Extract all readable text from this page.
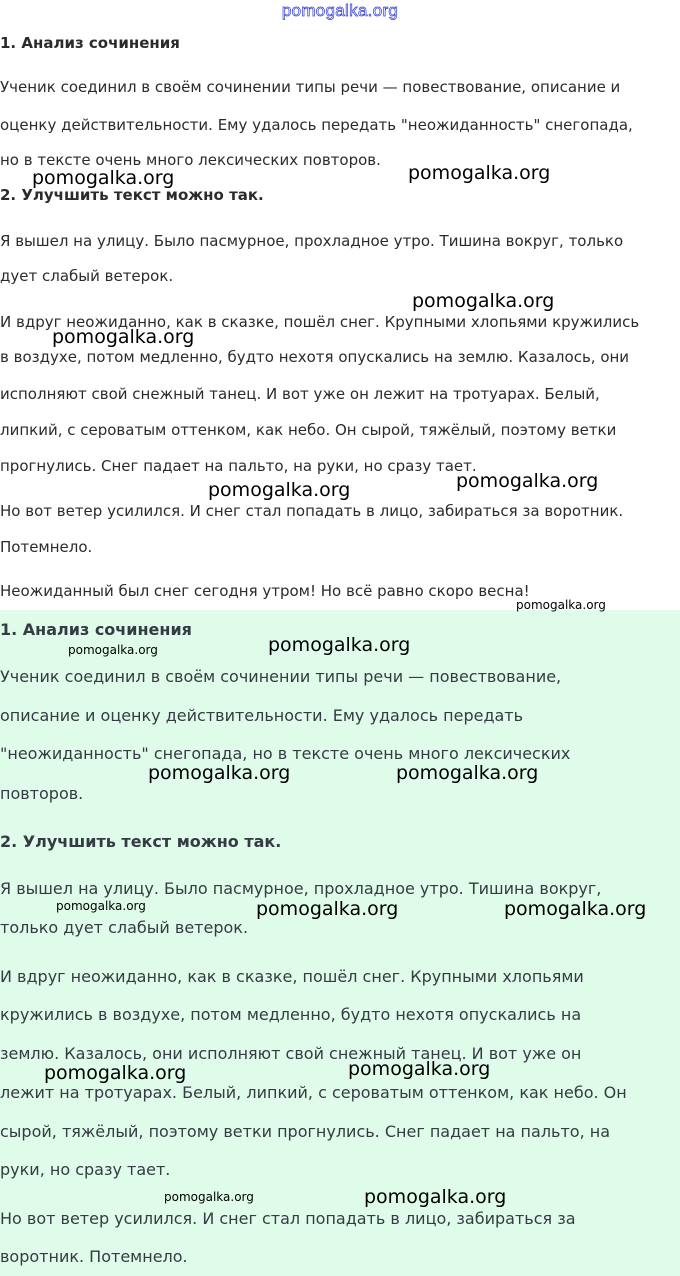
1. Анализ сочинения

Ученик соединил в своём сочинении типы речи — повествование, описание и

оценку действительности. Ему удалось передать "неожиданность" снегопада,

но в тексте очень много лексических повторов.

2. Улучшить текст можно так.

Я вышел на улицу. Было пасмурное, прохладное утро. Тишина вокруг, только

дует слабый ветерок.

И вдруг неожиданно, как в сказке, пошёл снег. Крупными хлопьями кружились

в воздухе, потом медленно, будто нехотя опускались на землю. Казалось, они

исполняют свой снежный танец. И вот уже он лежит на тротуарах. Белый,

липкий, с сероватым оттенком, как небо. Он сырой, тяжёлый, поэтому ветки

прогнулись. Снег падает на пальто, на руки, но сразу тает.

Но вот ветер усилился. И снег стал попадать в лицо, забираться за воротник.

Потемнело.

Неожиданный был снег сегодня утром! Но всё равно скоро весна!

1. Анализ сочинения

Ученик соединил в своём сочинении типы речи — повествование,

описание и оценку действительности. Ему удалось передать

"неожиданность" снегопада, но в тексте очень много лексических

повторов.

2. Улучшить текст можно так.

Я вышел на улицу. Было пасмурное, прохладное утро. Тишина вокруг,

только дует слабый ветерок.

И вдруг неожиданно, как в сказке, пошёл снег. Крупными хлопьями

кружились в воздухе, потом медленно, будто нехотя опускались на

землю. Казалось, они исполняют свой снежный танец. И вот уже он

лежит на тротуарах. Белый, липкий, с сероватым оттенком, как небо. Он

сырой, тяжёлый, поэтому ветки прогнулись. Снег падает на пальто, на

руки, но сразу тает.

Но вот ветер усилился. И снег стал попадать в лицо, забираться за

воротник. Потемнело.

pomogalka.org
pomogalka.org	pomogalka.org
pomogalka.org
pomogalka.org
pomogalka.org
pomogalka.org
pomogalka.org
pomogalka.org
pomogalka.org
pomogalka.org	pomogalka.org
pomogalka.org	pomogalka.org	pomogalka.org
pomogalka.org
pomogalka.org
pomogalka.org	pomogalka.org
